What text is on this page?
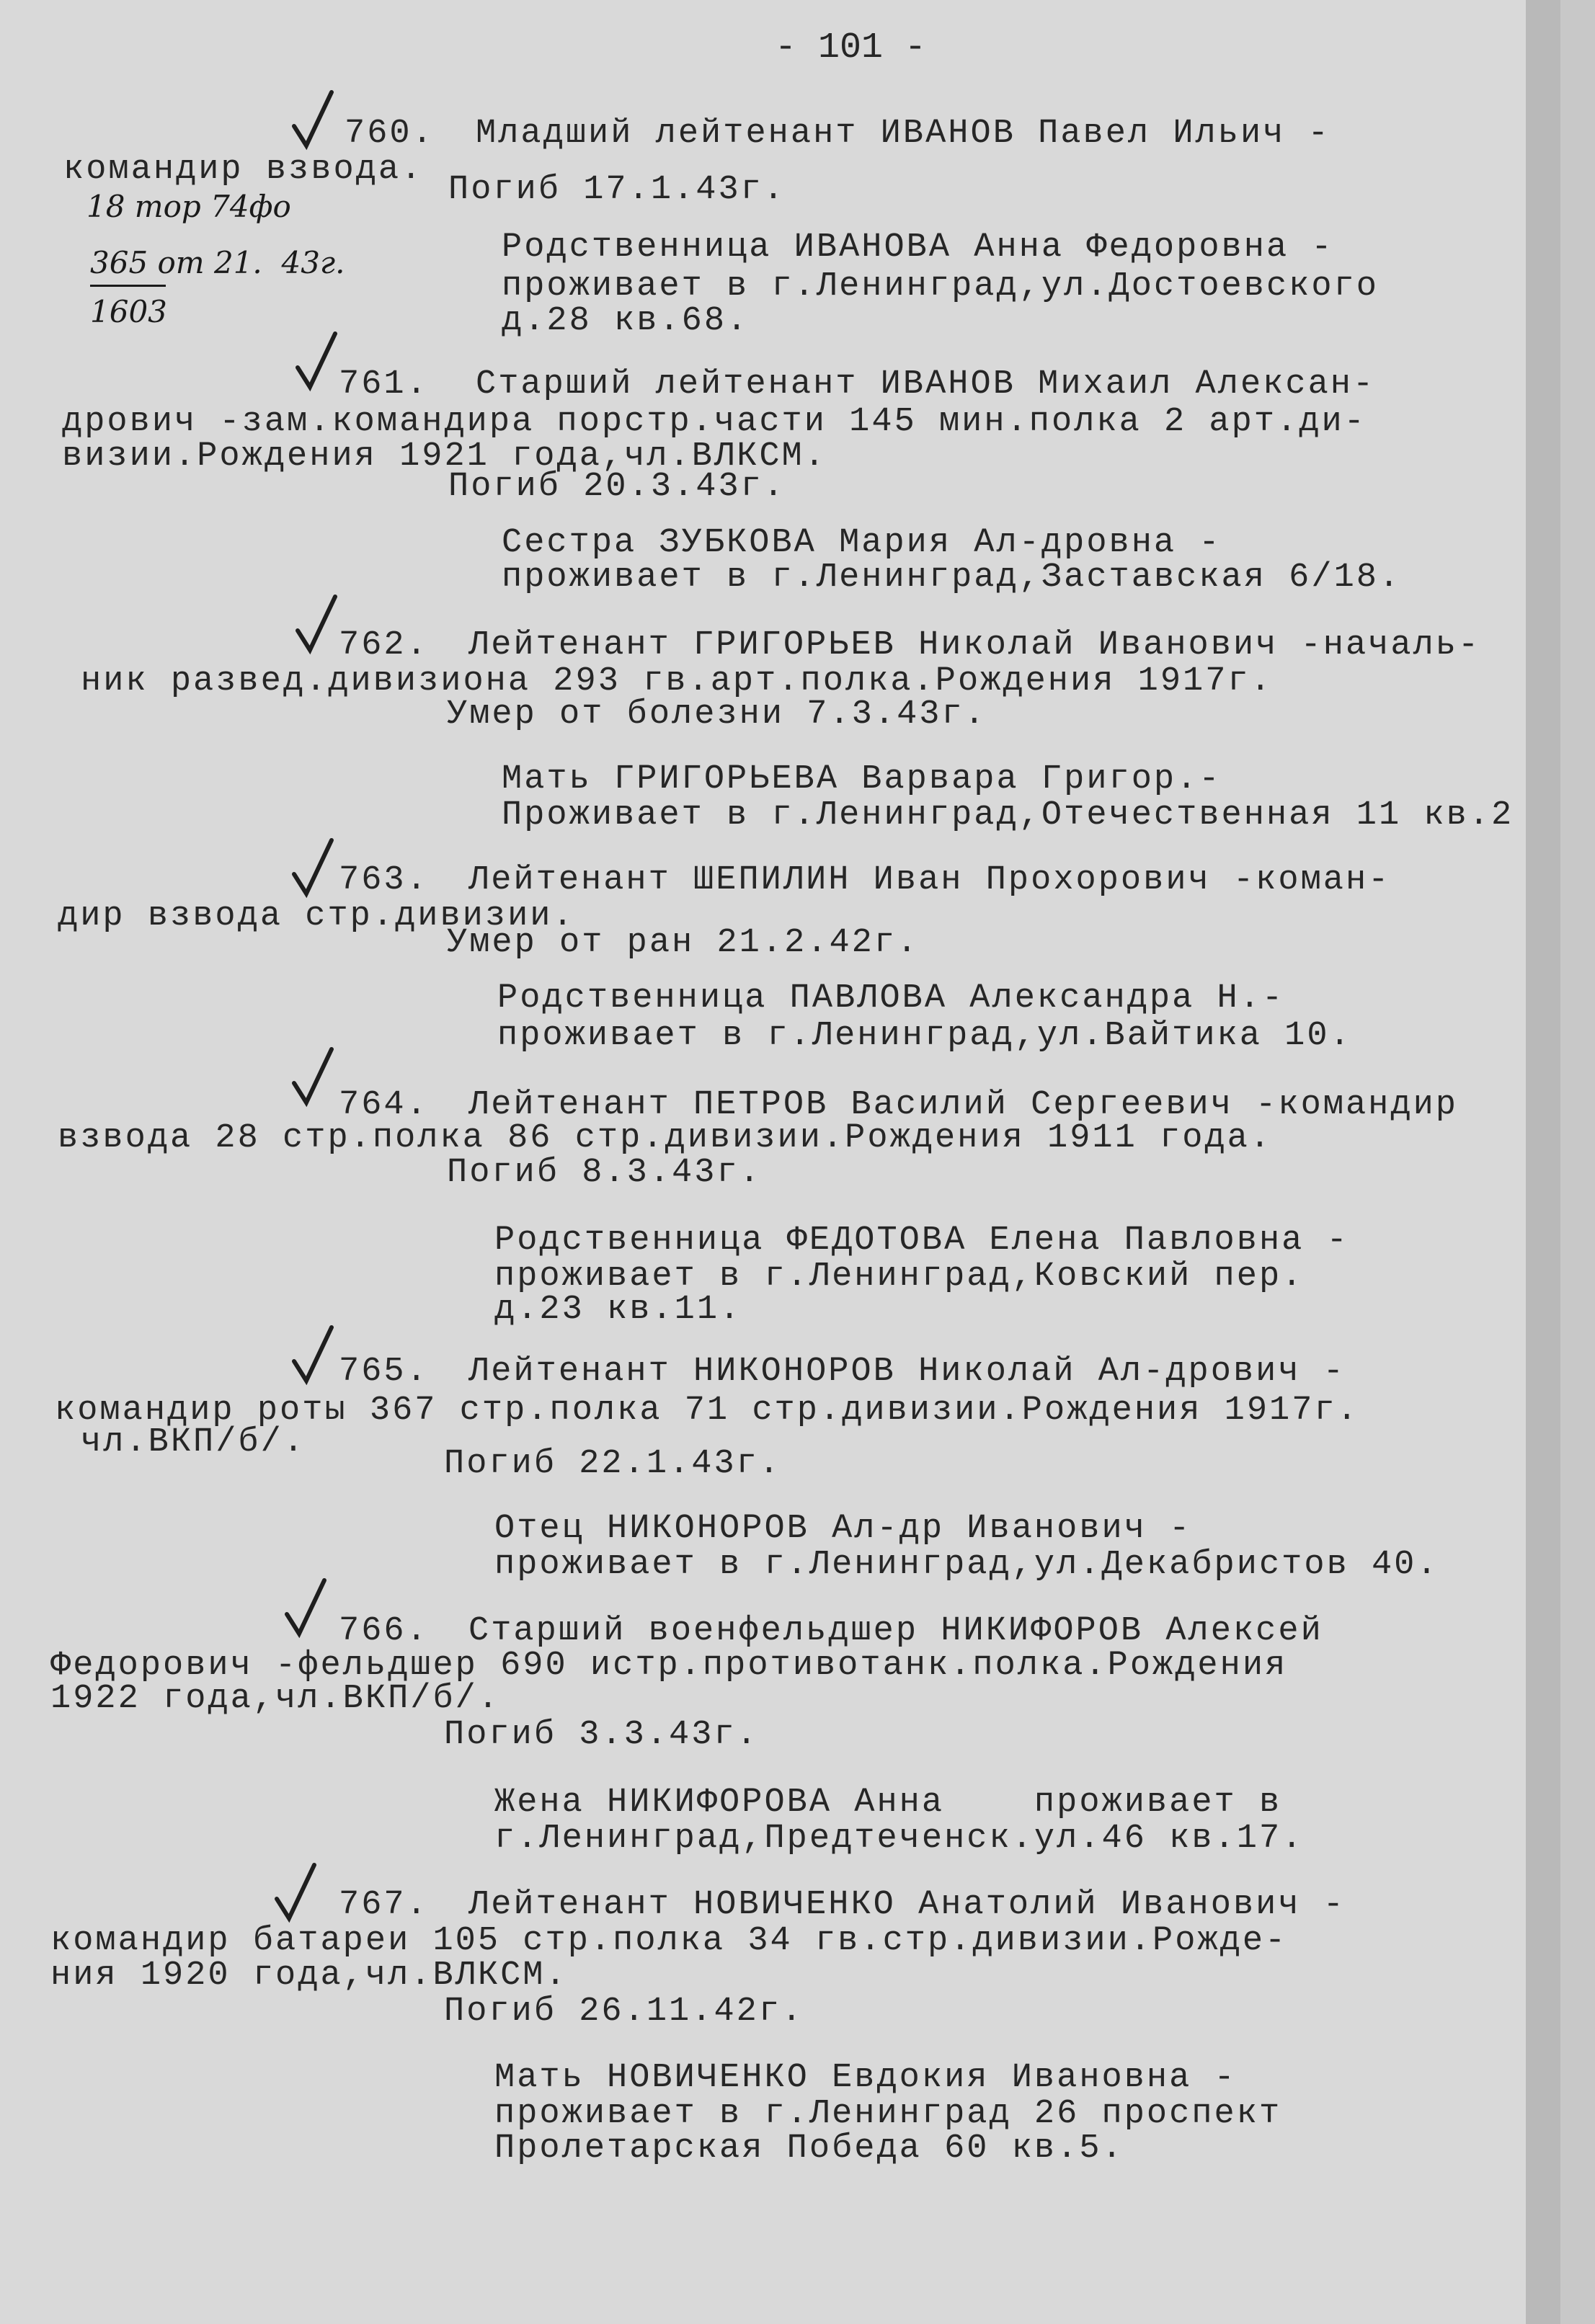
- 101 -
18 тор 74фо
365 от 21.  43г.
1603
760. Младший лейтенант ИВАНОВ Павел Ильич -
командир взвода.
Погиб 17.1.43г.
Родственница ИВАНОВА Анна Федоровна -
проживает в г.Ленинград,ул.Достоевского
д.28 кв.68.
761. Старший лейтенант ИВАНОВ Михаил Алексан-
дрович -зам.командира порстр.части 145 мин.полка 2 арт.ди-
визии.Рождения 1921 года,чл.ВЛКСМ.
Погиб 20.3.43г.
Сестра ЗУБКОВА Мария Ал-дровна -
проживает в г.Ленинград,Заставская 6/18.
762. Лейтенант ГРИГОРЬЕВ Николай Иванович -началь-
ник развед.дивизиона 293 гв.арт.полка.Рождения 1917г.
Умер от болезни 7.3.43г.
Мать ГРИГОРЬЕВА Варвара Григор.-
Проживает в г.Ленинград,Отечественная 11 кв.2
763. Лейтенант ШЕПИЛИН Иван Прохорович -коман-
дир взвода стр.дивизии.
Умер от ран 21.2.42г.
Родственница ПАВЛОВА Александра Н.-
проживает в г.Ленинград,ул.Вайтика 10.
764. Лейтенант ПЕТРОВ Василий Сергеевич -командир
взвода 28 стр.полка 86 стр.дивизии.Рождения 1911 года.
Погиб 8.3.43г.
Родственница ФЕДОТОВА Елена Павловна -
проживает в г.Ленинград,Ковский пер.
д.23 кв.11.
765. Лейтенант НИКОНОРОВ Николай Ал-дрович -
командир роты 367 стр.полка 71 стр.дивизии.Рождения 1917г.
чл.ВКП/б/.
Погиб 22.1.43г.
Отец НИКОНОРОВ Ал-др Иванович -
проживает в г.Ленинград,ул.Декабристов 40.
766. Старший военфельдшер НИКИФОРОВ Алексей
Федорович -фельдшер 690 истр.противотанк.полка.Рождения
1922 года,чл.ВКП/б/.
Погиб 3.3.43г.
Жена НИКИФОРОВА Анна    проживает в
г.Ленинград,Предтеченск.ул.46 кв.17.
767. Лейтенант НОВИЧЕНКО Анатолий Иванович -
командир батареи 105 стр.полка 34 гв.стр.дивизии.Рожде-
ния 1920 года,чл.ВЛКСМ.
Погиб 26.11.42г.
Мать НОВИЧЕНКО Евдокия Ивановна -
проживает в г.Ленинград 26 проспект
Пролетарская Победа 60 кв.5.
